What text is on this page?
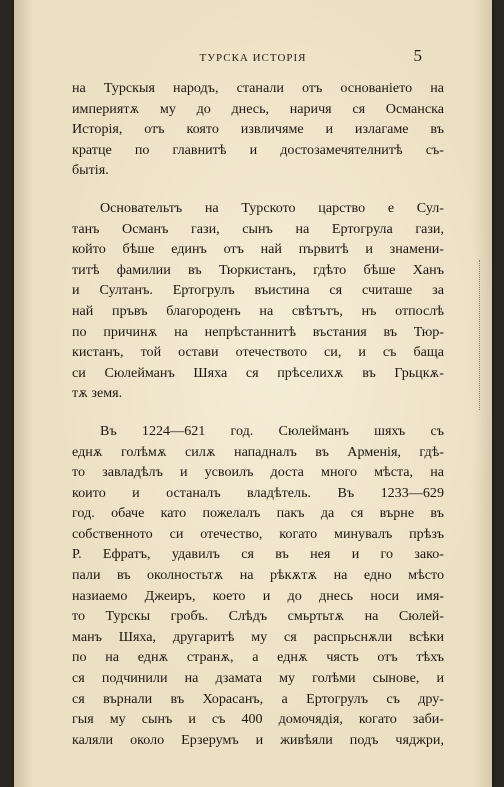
ТУРСКА ИСТОРІЯ	5
на Турскыя народъ, станали отъ основаніето на
империятѫ му до днесь, наричя ся Османска
Исторія, отъ която извличяме и излагаме въ
кратце по главнитѣ и достозамечятелнитѣ съ-
бытія.
Основательтъ на Турското царство е Сул-
танъ Османъ гази, сынъ на Ертогрула гази,
който бѣше единъ отъ най първитѣ и знамени-
титѣ фамилии въ Тюркистанъ, гдѣто бѣше Ханъ
и Султанъ. Ертогрулъ въистина ся считаше за
най пръвъ благороденъ на свѣтътъ, нъ отпослѣ
по причинѫ на непрѣстаннитѣ въстания въ Тюр-
кистанъ, той остави отечеството си, и съ баща
си Сюлейманъ Шяха ся прѣселихѫ въ Грьцкѫ-
тѫ земя.
Въ 1224—621 год. Сюлейманъ шяхъ съ
еднѫ голѣмѫ силѫ нападналъ въ Арменія, гдѣ-
то завладѣлъ и усвоилъ доста много мѣста, на
които и останалъ владѣтель. Въ 1233—629
год. обаче като пожелалъ пакъ да ся върне въ
собственното си отечество, когато минувалъ прѣзъ
Р. Ефратъ, удавилъ ся въ нея и го зако-
пали въ околностьтѫ на рѣкѫтѫ на едно мѣсто
назиаемо Джеиръ, което и до днесь носи имя-
то Турскы гробъ. Слѣдъ смьртьтѫ на Сюлей-
манъ Шяха, другаритѣ му ся распрьснѫли всѣки
по на еднѫ странѫ, а еднѫ чясть отъ тѣхъ
ся подчинили на дзамата му голѣми сынове, и
ся върнали въ Хорасанъ, а Ертогрулъ съ дру-
гыя му сынъ и съ 400 домочядія, когато заби-
каляли около Ерзерумъ и живѣяли подъ чяджри,
